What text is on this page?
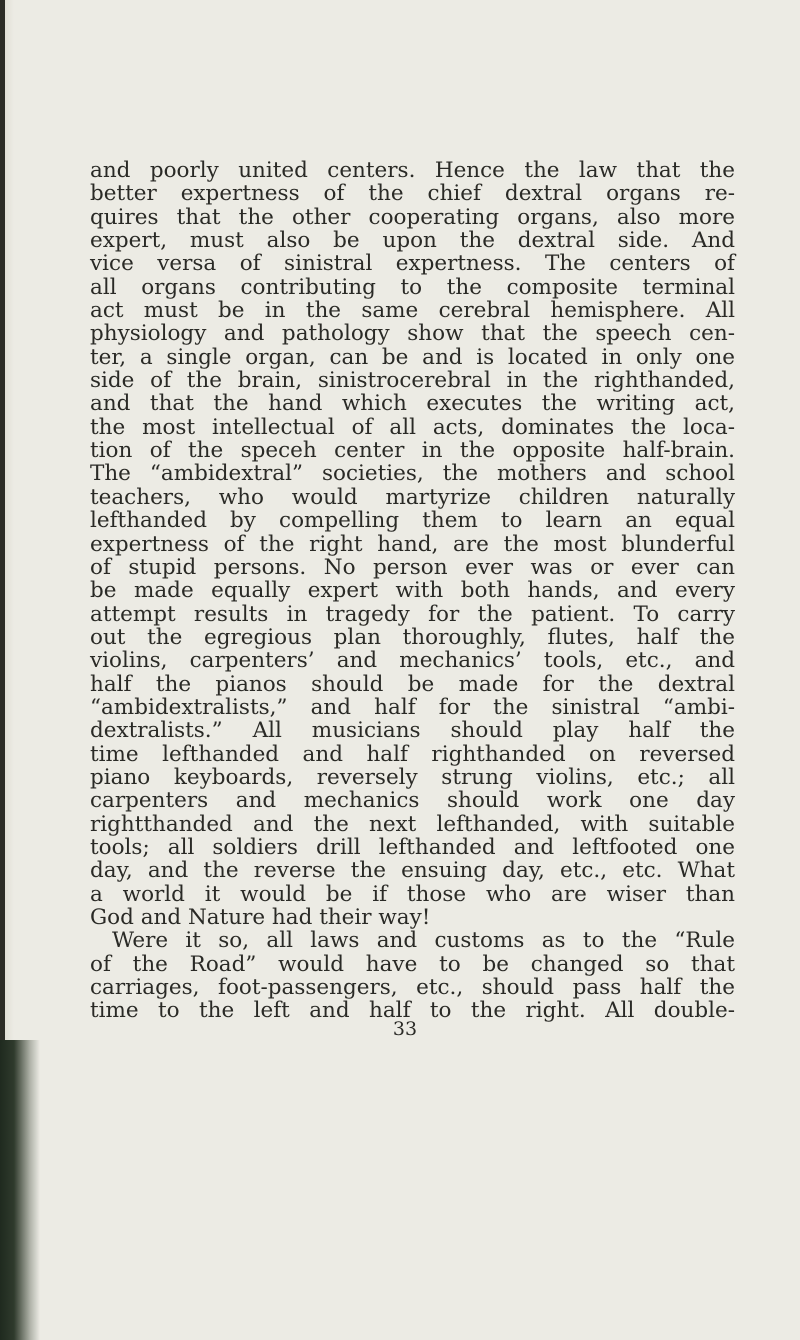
and poorly united centers. Hence the law that the
better expertness of the chief dextral organs re-
quires that the other cooperating organs, also more
expert, must also be upon the dextral side. And
vice versa of sinistral expertness. The centers of
all organs contributing to the composite terminal
act must be in the same cerebral hemisphere. All
physiology and pathology show that the speech cen-
ter, a single organ, can be and is located in only one
side of the brain, sinistrocerebral in the righthanded,
and that the hand which executes the writing act,
the most intellectual of all acts, dominates the loca-
tion of the speceh center in the opposite half-brain.
The “ambidextral” societies, the mothers and school
teachers, who would martyrize children naturally
lefthanded by compelling them to learn an equal
expertness of the right hand, are the most blunderful
of stupid persons. No person ever was or ever can
be made equally expert with both hands, and every
attempt results in tragedy for the patient. To carry
out the egregious plan thoroughly, flutes, half the
violins, carpenters’ and mechanics’ tools, etc., and
half the pianos should be made for the dextral
“ambidextralists,” and half for the sinistral “ambi-
dextralists.” All musicians should play half the
time lefthanded and half righthanded on reversed
piano keyboards, reversely strung violins, etc.; all
carpenters and mechanics should work one day
rightthanded and the next lefthanded, with suitable
tools; all soldiers drill lefthanded and leftfooted one
day, and the reverse the ensuing day, etc., etc. What
a world it would be if those who are wiser than
God and Nature had their way!
Were it so, all laws and customs as to the “Rule
of the Road” would have to be changed so that
carriages, foot-passengers, etc., should pass half the
time to the left and half to the right. All double-
33
